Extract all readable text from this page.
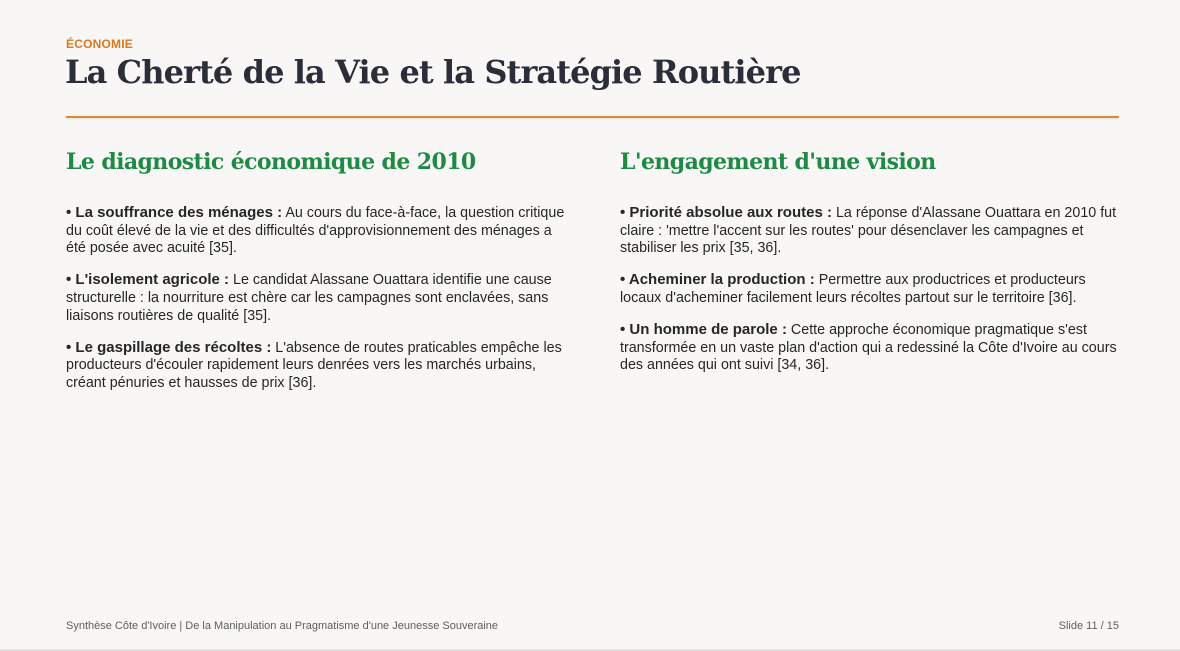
ÉCONOMIE
La Cherté de la Vie et la Stratégie Routière
Le diagnostic économique de 2010
• La souffrance des ménages : Au cours du face-à-face, la question critique du coût élevé de la vie et des difficultés d'approvisionnement des ménages a été posée avec acuité [35].
• L'isolement agricole : Le candidat Alassane Ouattara identifie une cause structurelle : la nourriture est chère car les campagnes sont enclavées, sans liaisons routières de qualité [35].
• Le gaspillage des récoltes : L'absence de routes praticables empêche les producteurs d'écouler rapidement leurs denrées vers les marchés urbains, créant pénuries et hausses de prix [36].
L'engagement d'une vision
• Priorité absolue aux routes : La réponse d'Alassane Ouattara en 2010 fut claire : 'mettre l'accent sur les routes' pour désenclaver les campagnes et stabiliser les prix [35, 36].
• Acheminer la production : Permettre aux productrices et producteurs locaux d'acheminer facilement leurs récoltes partout sur le territoire [36].
• Un homme de parole : Cette approche économique pragmatique s'est transformée en un vaste plan d'action qui a redessiné la Côte d'Ivoire au cours des années qui ont suivi [34, 36].
Synthèse Côte d'Ivoire | De la Manipulation au Pragmatisme d'une Jeunesse Souveraine	Slide 11 / 15
